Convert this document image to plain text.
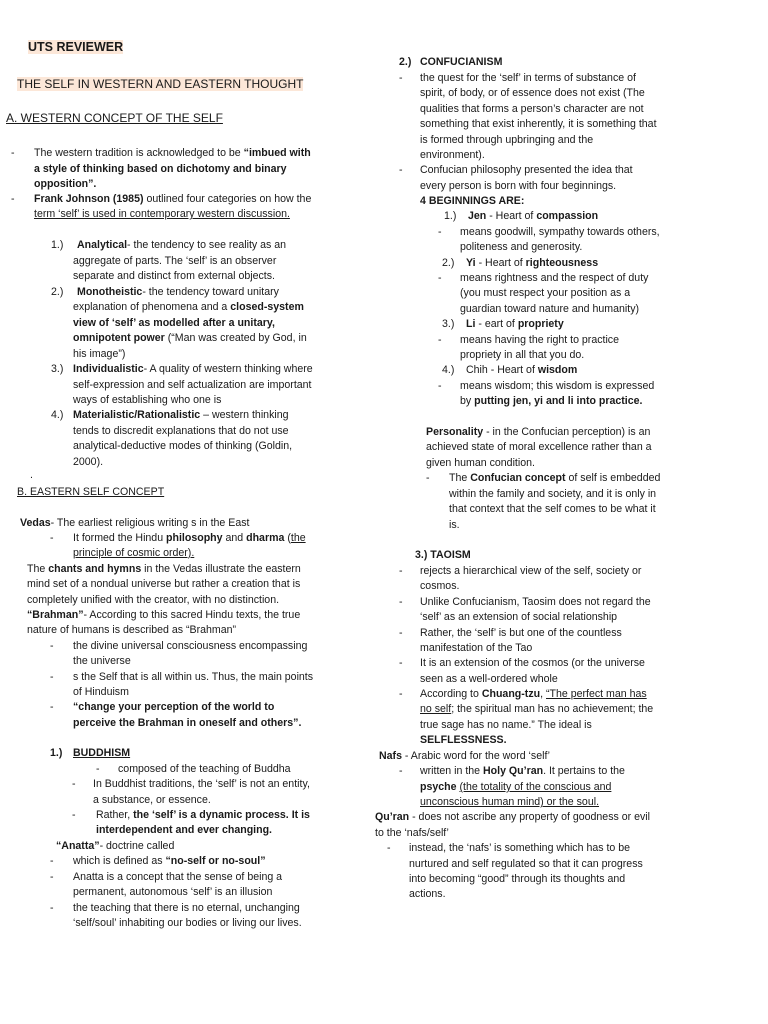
UTS REVIEWER
THE SELF IN WESTERN AND EASTERN THOUGHT
A. WESTERN CONCEPT OF THE SELF
- The western tradition is acknowledged to be “imbued with
a style of thinking based on dichotomy and binary
opposition”.
- Frank Johnson (1985) outlined four categories on how the
term ‘self’ is used in contemporary western discussion.
1.) Analytical- the tendency to see reality as an
aggregate of parts. The ‘self’ is an observer
separate and distinct from external objects.
2.) Monotheistic- the tendency toward unitary
explanation of phenomena and a closed-system
view of ‘self’ as modelled after a unitary,
omnipotent power (“Man was created by God, in
his image”)
3.) Individualistic- A quality of western thinking where
self-expression and self actualization are important
ways of establishing who one is
4.) Materialistic/Rationalistic – western thinking
tends to discredit explanations that do not use
analytical-deductive modes of thinking (Goldin,
2000).
.
B. EASTERN SELF CONCEPT
Vedas- The earliest religious writing s in the East
- It formed the Hindu philosophy and dharma (the
principle of cosmic order).
The chants and hymns in the Vedas illustrate the eastern
mind set of a nondual universe but rather a creation that is
completely unified with the creator, with no distinction.
“Brahman”- According to this sacred Hindu texts, the true
nature of humans is described as “Brahman”
- the divine universal consciousness encompassing
the universe
- s the Self that is all within us. Thus, the main points
of Hinduism
- “change your perception of the world to
perceive the Brahman in oneself and others”.
1.) BUDDHISM
- composed of the teaching of Buddha
- In Buddhist traditions, the ‘self’ is not an entity,
a substance, or essence.
- Rather, the ‘self’ is a dynamic process. It is
interdependent and ever changing.
“Anatta”- doctrine called
- which is defined as “no-self or no-soul”
- Anatta is a concept that the sense of being a
permanent, autonomous ‘self’ is an illusion
- the teaching that there is no eternal, unchanging
‘self/soul’ inhabiting our bodies or living our lives.
2.) CONFUCIANISM
- the quest for the ‘self’ in terms of substance of
spirit, of body, or of essence does not exist (The
qualities that forms a person’s character are not
something that exist inherently, it is something that
is formed through upbringing and the
environment).
- Confucian philosophy presented the idea that
every person is born with four beginnings.
4 BEGINNINGS ARE:
1.) Jen - Heart of compassion
- means goodwill, sympathy towards others,
politeness and generosity.
2.) Yi - Heart of righteousness
- means rightness and the respect of duty
(you must respect your position as a
guardian toward nature and humanity)
3.) Li - eart of propriety
- means having the right to practice
propriety in all that you do.
4.) Chih - Heart of wisdom
- means wisdom; this wisdom is expressed
by putting jen, yi and li into practice.
Personality - in the Confucian perception) is an
achieved state of moral excellence rather than a
given human condition.
- The Confucian concept of self is embedded
within the family and society, and it is only in
that context that the self comes to be what it
is.
3.) TAOISM
- rejects a hierarchical view of the self, society or
cosmos.
- Unlike Confucianism, Taosim does not regard the
‘self’ as an extension of social relationship
- Rather, the ‘self’ is but one of the countless
manifestation of the Tao
- It is an extension of the cosmos (or the universe
seen as a well-ordered whole
- According to Chuang-tzu, “The perfect man has
no self; the spiritual man has no achievement; the
true sage has no name.” The ideal is
SELFLESSNESS.
Nafs - Arabic word for the word ‘self’
- written in the Holy Qu’ran. It pertains to the
psyche (the totality of the conscious and
unconscious human mind) or the soul.
Qu’ran - does not ascribe any property of goodness or evil
to the ‘nafs/self’
- instead, the ‘nafs’ is something which has to be
nurtured and self regulated so that it can progress
into becoming “good” through its thoughts and
actions.
